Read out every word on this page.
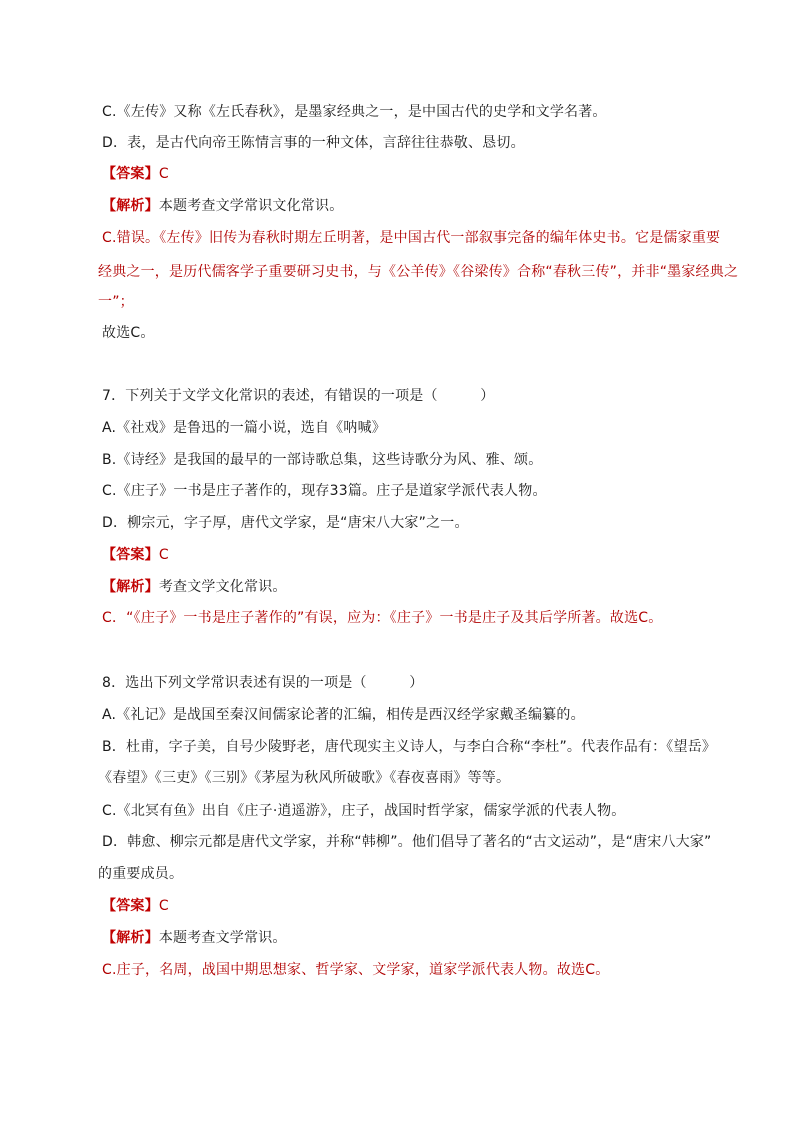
C.《左传》又称《左氏春秋》，是墨家经典之一，是中国古代的史学和文学名著。
D．表，是古代向帝王陈情言事的一种文体，言辞往往恭敬、恳切。
【答案】C
【解析】本题考查文学常识文化常识。
C.错误。《左传》旧传为春秋时期左丘明著，是中国古代一部叙事完备的编年体史书。它是儒家重要
经典之一，是历代儒客学子重要研习史书，与《公羊传》《谷梁传》合称“春秋三传”，并非“墨家经典之
一”；
故选C。
7．下列关于文学文化常识的表述，有错误的一项是（　　　）
A.《社戏》是鲁迅的一篇小说，选自《呐喊》
B.《诗经》是我国的最早的一部诗歌总集，这些诗歌分为风、雅、颂。
C.《庄子》一书是庄子著作的，现存33篇。庄子是道家学派代表人物。
D．柳宗元，字子厚，唐代文学家，是“唐宋八大家”之一。
【答案】C
【解析】考查文学文化常识。
C．“《庄子》一书是庄子著作的”有误，应为：《庄子》一书是庄子及其后学所著。故选C。
8．选出下列文学常识表述有误的一项是（　　　）
A.《礼记》是战国至秦汉间儒家论著的汇编，相传是西汉经学家戴圣编纂的。
B．杜甫，字子美，自号少陵野老，唐代现实主义诗人，与李白合称“李杜”。代表作品有：《望岳》
《春望》《三吏》《三别》《茅屋为秋风所破歌》《春夜喜雨》等等。
C.《北冥有鱼》出自《庄子·逍遥游》，庄子，战国时哲学家，儒家学派的代表人物。
D．韩愈、柳宗元都是唐代文学家，并称“韩柳”。他们倡导了著名的“古文运动”，是“唐宋八大家”
的重要成员。
【答案】C
【解析】本题考查文学常识。
C.庄子，名周，战国中期思想家、哲学家、文学家，道家学派代表人物。故选C。
